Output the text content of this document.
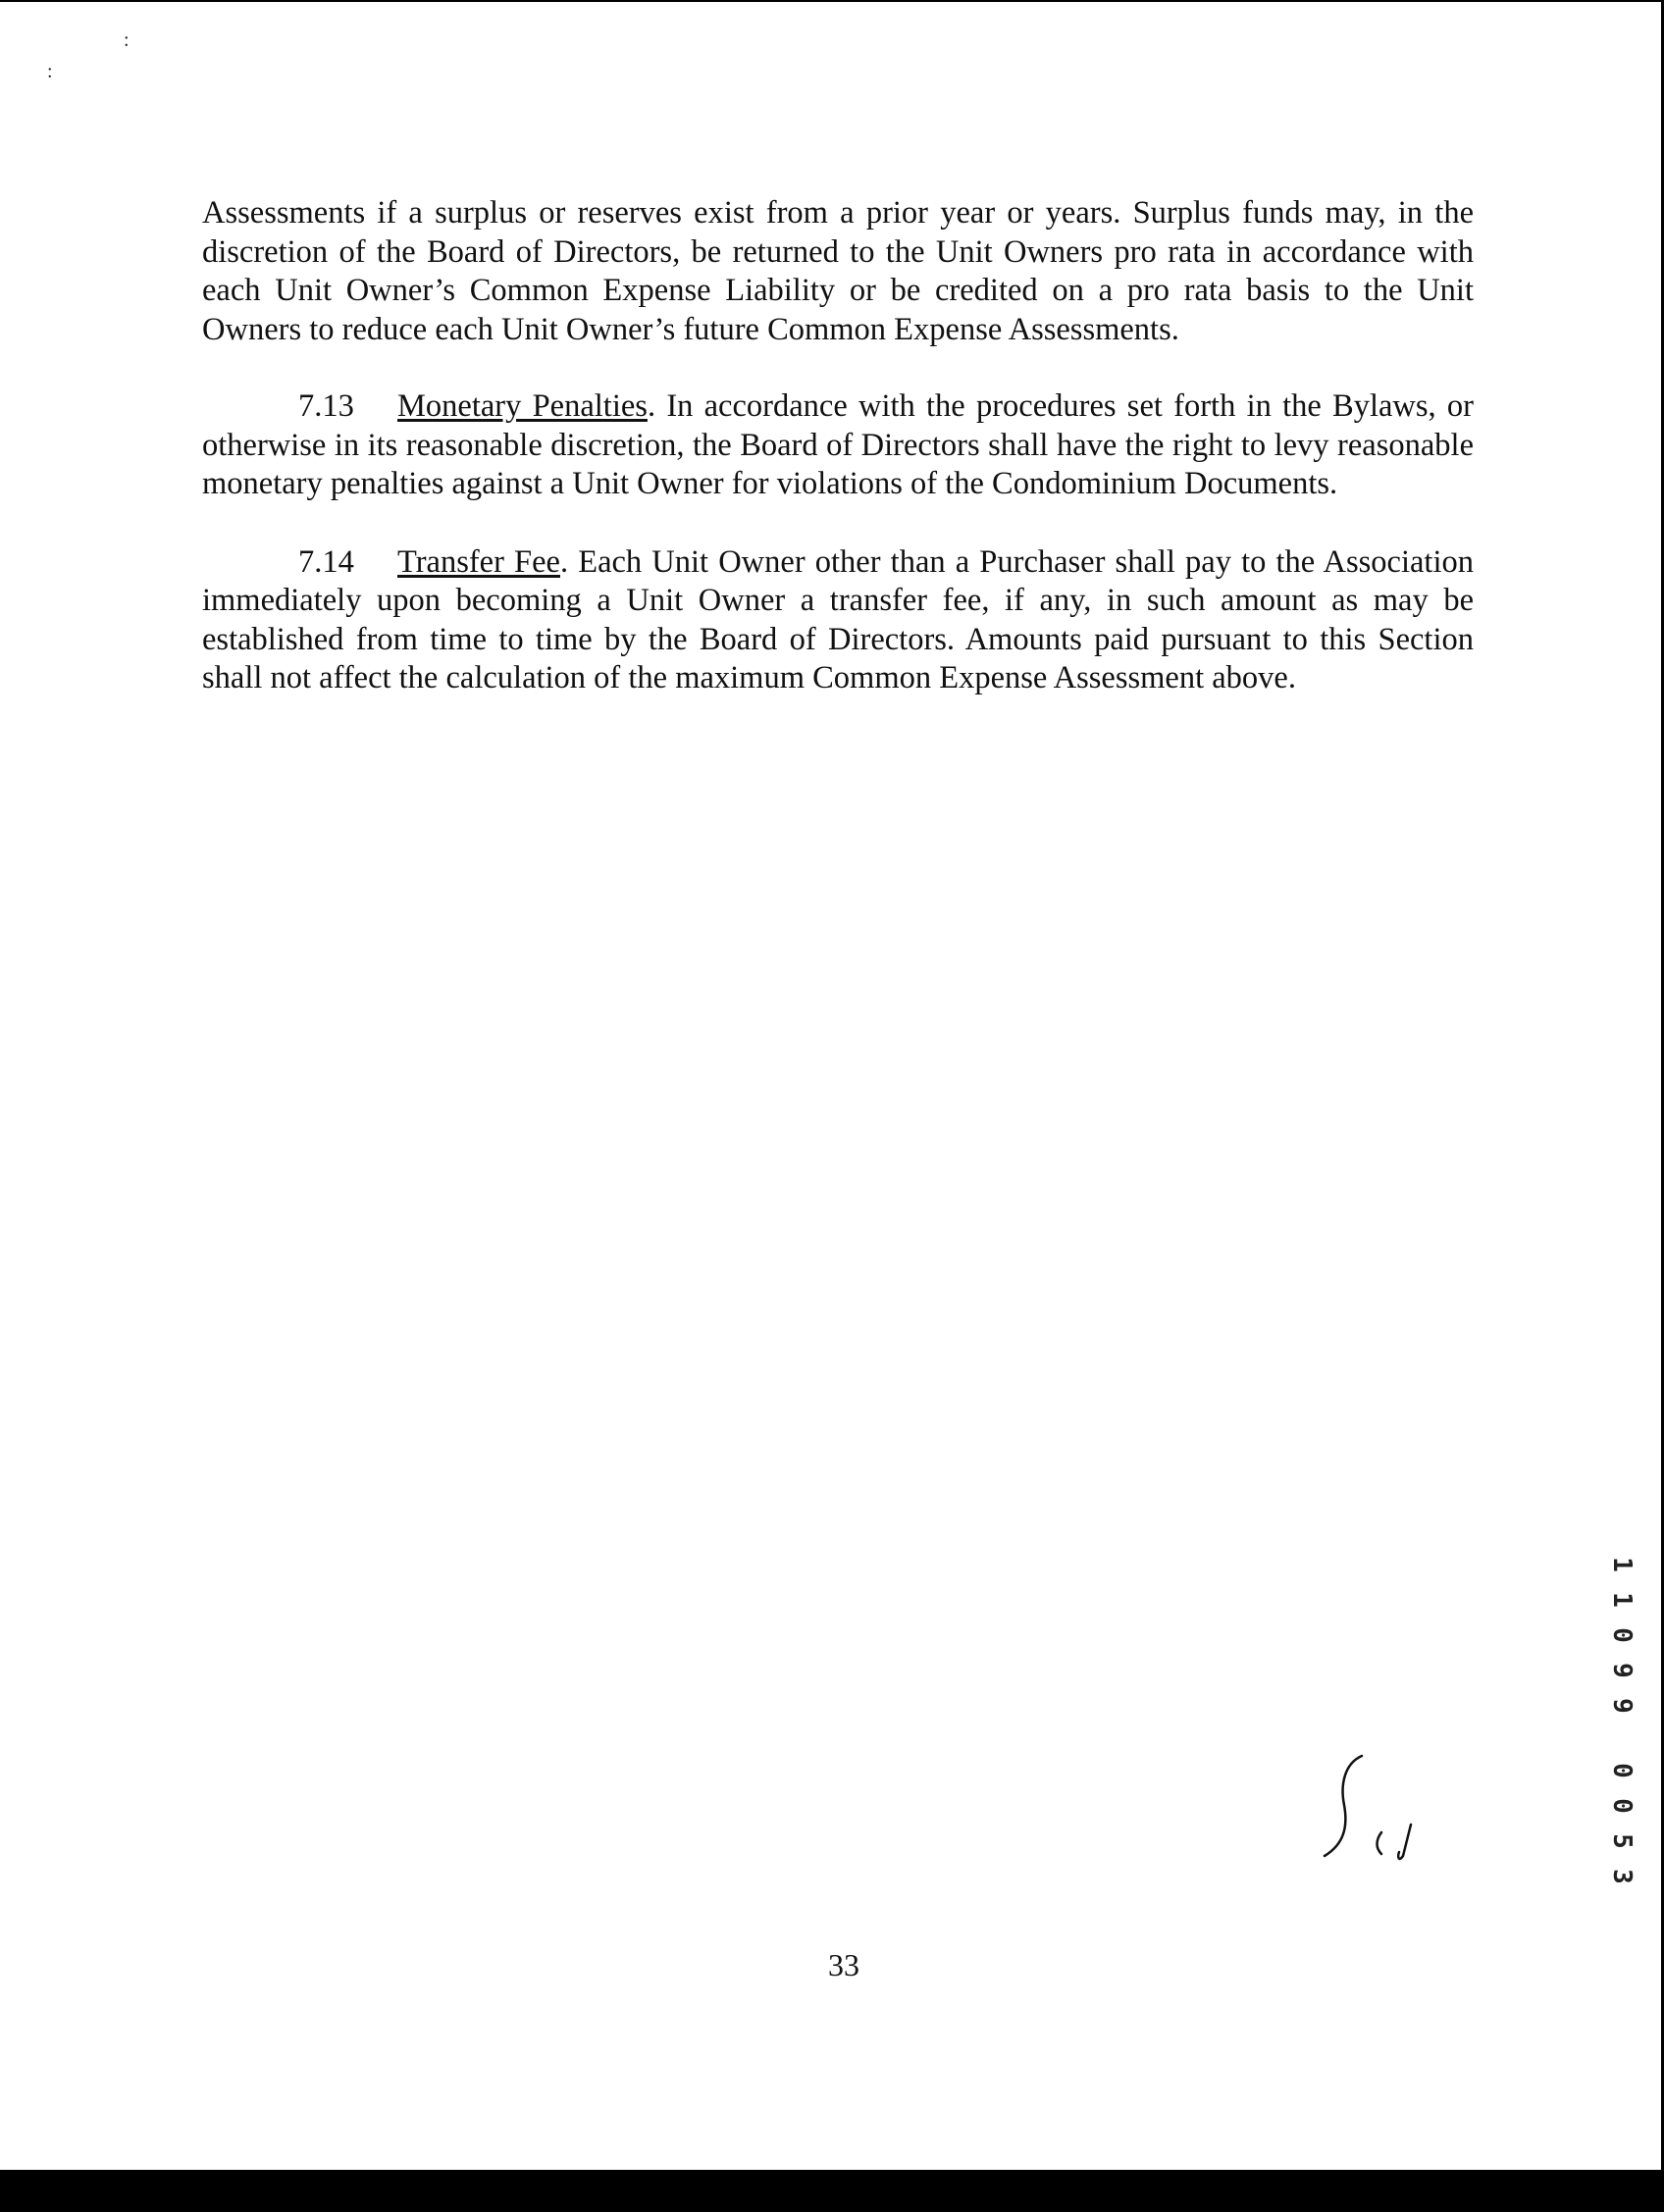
:
:

Assessments if a surplus or reserves exist from a prior year or years. Surplus funds may, in the discretion of the Board of Directors, be returned to the Unit Owners pro rata in accordance with each Unit Owner’s Common Expense Liability or be credited on a pro rata basis to the Unit Owners to reduce each Unit Owner’s future Common Expense Assessments.

7.13 Monetary Penalties. In accordance with the procedures set forth in the Bylaws, or otherwise in its reasonable discretion, the Board of Directors shall have the right to levy reasonable monetary penalties against a Unit Owner for violations of the Condominium Documents.

7.14 Transfer Fee. Each Unit Owner other than a Purchaser shall pay to the Association immediately upon becoming a Unit Owner a transfer fee, if any, in such amount as may be established from time to time by the Board of Directors. Amounts paid pursuant to this Section shall not affect the calculation of the maximum Common Expense Assessment above.

1
1
0
9
9
0
0
5
3
33
